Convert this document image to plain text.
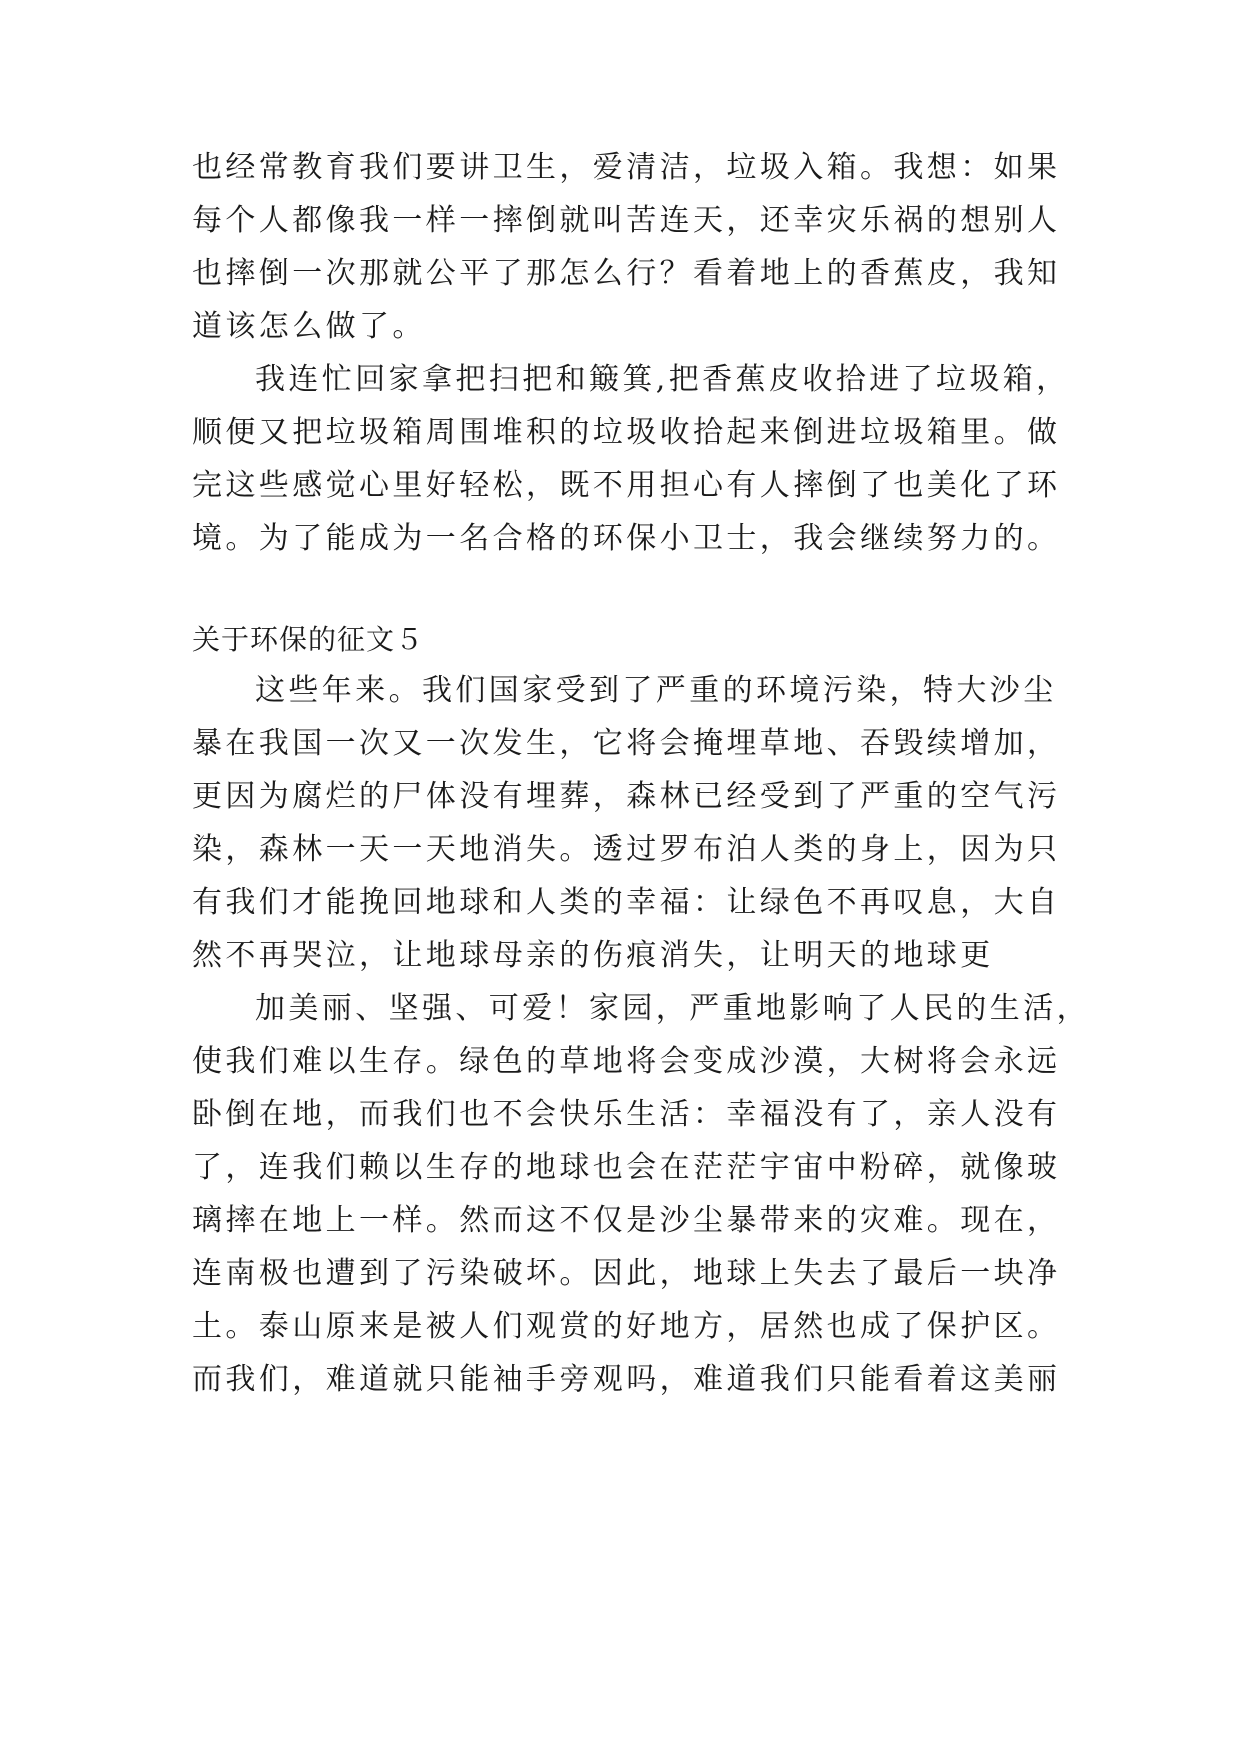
也经常教育我们要讲卫生，爱清洁，垃圾入箱。我想：如果
每个人都像我一样一摔倒就叫苦连天，还幸灾乐祸的想别人
也摔倒一次那就公平了那怎么行？看着地上的香蕉皮，我知
道该怎么做了。
我连忙回家拿把扫把和簸箕,把香蕉皮收拾进了垃圾箱，
顺便又把垃圾箱周围堆积的垃圾收拾起来倒进垃圾箱里。做
完这些感觉心里好轻松，既不用担心有人摔倒了也美化了环
境。为了能成为一名合格的环保小卫士，我会继续努力的。
关于环保的征文５
这些年来。我们国家受到了严重的环境污染，特大沙尘
暴在我国一次又一次发生，它将会掩埋草地、吞毁续增加，
更因为腐烂的尸体没有埋葬，森林已经受到了严重的空气污
染，森林一天一天地消失。透过罗布泊人类的身上，因为只
有我们才能挽回地球和人类的幸福：让绿色不再叹息，大自
然不再哭泣，让地球母亲的伤痕消失，让明天的地球更
加美丽、坚强、可爱！家园，严重地影响了人民的生活，
使我们难以生存。绿色的草地将会变成沙漠，大树将会永远
卧倒在地，而我们也不会快乐生活：幸福没有了，亲人没有
了，连我们赖以生存的地球也会在茫茫宇宙中粉碎，就像玻
璃摔在地上一样。然而这不仅是沙尘暴带来的灾难。现在，
连南极也遭到了污染破坏。因此，地球上失去了最后一块净
土。泰山原来是被人们观赏的好地方，居然也成了保护区。
而我们，难道就只能袖手旁观吗，难道我们只能看着这美丽
